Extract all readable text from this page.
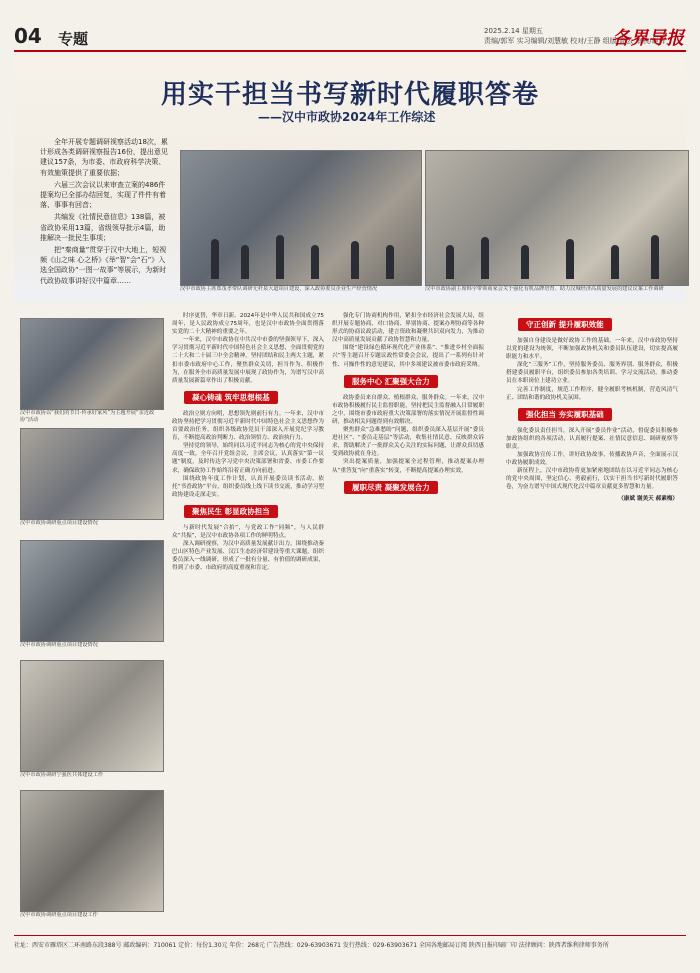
04 专题	2025.2.14 星期五
责编/郭军 实习编辑/刘慧敏 校对/王静 组版/高云 审核/赵辉
各界导报
用实干担当书写新时代履职答卷
——汉中市政协2024年工作综述

全年开展专题调研视察活动18次，累计形成各类调研视察报告16份，提出意见建议157条，为市委、市政府科学决策、有效施策提供了重要依据；

六届三次会议以来审查立案的486件提案均已全部办结回复，实现了件件有着落、事事有回音；

共编发《社情民意信息》138篇，被省政协采用13篇，省级领导批示4篇，助推解决一批民生事项；

把“秦商量”贯穿于汉中大地上，短视频《山之味 心之桥》《举“智”会“石”》入选全国政协“一图一故事”等展示，为新时代政协故事讲好汉中篇章……

汉中市政协主席郑茂孝带队调研无杆泉大道项目建设，深入政协委员企业生产经营情况	汉中市政协副主席韩宇带领商家会关于强化有机品牌培育、助力汉城经济高质量发展的建议议案工作调研
汉中市政协以“我们的节日·传承好家风”为主题开展“亲近政协”活动
汉中市政协调研重点项目建设情况
汉中市政协调研重点项目建设情况
汉中市政协调研宁强医共体建设工作
汉中市政协调研重点项目建设工作

时序更替，华章日新。2024年是中华人民共和国成立75周年，是人民政协成立75周年，也是汉中市政协全面贯彻落实党的二十大精神的重要之年。

一年来，汉中市政协在中共汉中市委的坚强领导下，深入学习贯彻习近平新时代中国特色社会主义思想，全面贯彻党的二十大和二十届三中全会精神，坚持团结和民主两大主题，紧扣市委市政府中心工作，聚焦群众关切，担当作为、积极作为，在服务全市高质量发展中展现了政协作为，为谱写汉中高质量发展新篇章作出了积极贡献。

凝心铸魂 筑牢思想根基

政治立则方向明，思想领先则前行有力。一年来，汉中市政协坚持把学习贯彻习近平新时代中国特色社会主义思想作为首要政治任务，组织各级政协党员干部深入开展党纪学习教育，不断提高政治判断力、政治领悟力、政治执行力。

坚持党的领导，始终同以习近平同志为核心的党中央保持高度一致，全年召开党组会议、主席会议，认真落实“第一议题”制度，及时传达学习党中央决策部署和省委、市委工作要求，确保政协工作始终沿着正确方向前进。

围绕政协年度工作计划，认真开展委员读书活动，依托“书香政协”平台，组织委员线上线下读书交流，推动学习型政协建设走深走实。

聚焦民生 彰显政协担当

与新时代发展“合拍”，与党政工作“同频”，与人民群众“共振”，是汉中市政协各项工作的鲜明特点。

深入调研视察，为汉中高质量发展献计出力。围绕推动秦巴山区特色产业发展、汉江生态经济带建设等重大课题，组织委员深入一线调研，形成了一批有分量、有价值的调研成果，得到了市委、市政府的高度重视和肯定。

强化专门协商机构作用，紧扣全市经济社会发展大局，组织开展专题协商、对口协商、界别协商、提案办理协商等各种形式的协商议政活动，建言资政和凝聚共识双向发力，为推动汉中高质量发展贡献了政协智慧和力量。

围绕“建设绿色循环现代化产业体系”、“推进乡村全面振兴”等主题召开专题议政性常委会会议，提出了一系列有针对性、可操作性的意见建议，其中多项建议被市委市政府采纳。

服务中心 汇聚强大合力

政协委员来自群众、植根群众、服务群众。一年来，汉中市政协积极履行民主监督职能，坚持把民主监督融入日常履职之中，围绕市委市政府重大决策部署的落实情况开展监督性调研，推动相关问题得到有效解决。

聚焦群众“急难愁盼”问题，组织委员深入基层开展“委员进社区”、“委员走基层”等活动，收集社情民意、反映群众诉求，帮助解决了一批群众关心关注的实际问题，让群众真切感受到政协就在身边。

突出提案质量，加强提案全过程管理，推动提案办理从“重答复”向“重落实”转变，不断提高提案办理实效。

履职尽责 凝聚发展合力
守正创新 提升履职效能

加强自身建设是做好政协工作的基础。一年来，汉中市政协坚持以党的建设为统领，不断加强政协机关和委员队伍建设，切实提高履职能力和水平。

深化“三服务”工作，坚持服务委员、服务界别、服务群众，积极搭建委员履职平台，组织委员参加各类培训、学习交流活动，推动委员在本职岗位上建功立业。

完善工作制度，规范工作程序，健全履职考核机制，营造风清气正、团结和谐的政协机关氛围。

强化担当 夯实履职基础

强化委员责任担当，深入开展“委员作业”活动，督促委员积极参加政协组织的各项活动，认真履行提案、社情民意信息、调研视察等职责。

加强政协宣传工作，讲好政协故事，传播政协声音，全面展示汉中政协履职成效。

新征程上，汉中市政协将更加紧密地团结在以习近平同志为核心的党中央周围，坚定信心、勇毅前行，以实干担当书写新时代履职答卷，为奋力谱写中国式现代化汉中篇章贡献更多智慧和力量。

（康斌 谢美天 郝素梅）
社址：西安市雁塔区二环南路东段388号 邮政编码：710061 定价：每份1.30元 年价：268元 广告热线：029-63903671 发行热线：029-63903671 全国各地邮局订阅 陕西日报印刷厂印 法律顾问：陕西者维利律师事务所
